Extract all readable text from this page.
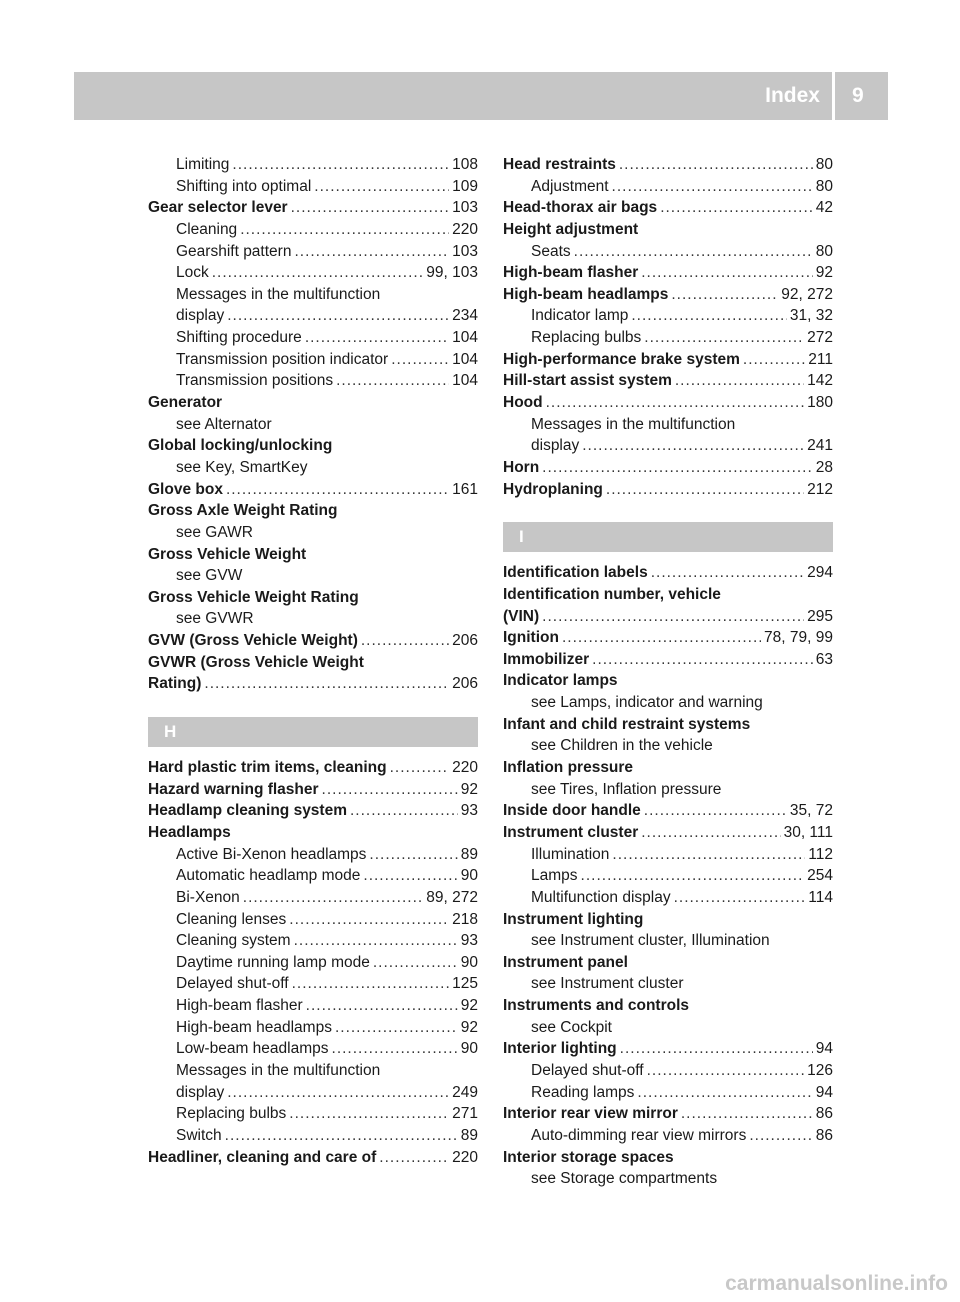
Index 9
Limiting .....	108
Shifting into optimal .....	109
Gear selector lever .....	103
Cleaning .....	220
Gearshift pattern .....	103
Lock .....	99, 103
Messages in the multifunction
display .....	234
Shifting procedure .....	104
Transmission position indicator .....	104
Transmission positions .....	104
Generator
see Alternator
Global locking/unlocking
see Key, SmartKey
Glove box .....	161
Gross Axle Weight Rating
see GAWR
Gross Vehicle Weight
see GVW
Gross Vehicle Weight Rating
see GVWR
GVW (Gross Vehicle Weight) .....	206
GVWR (Gross Vehicle Weight
Rating) .....	206
H
Hard plastic trim items, cleaning .....	220
Hazard warning flasher .....	92
Headlamp cleaning system .....	93
Headlamps
Active Bi-Xenon headlamps .....	89
Automatic headlamp mode .....	90
Bi-Xenon .....	89, 272
Cleaning lenses .....	218
Cleaning system .....	93
Daytime running lamp mode .....	90
Delayed shut-off .....	125
High-beam flasher .....	92
High-beam headlamps .....	92
Low-beam headlamps .....	90
Messages in the multifunction
display .....	249
Replacing bulbs .....	271
Switch .....	89
Headliner, cleaning and care of .....	220
Head restraints .....	80
Adjustment .....	80
Head-thorax air bags .....	42
Height adjustment
Seats .....	80
High-beam flasher .....	92
High-beam headlamps .....	92, 272
Indicator lamp .....	31, 32
Replacing bulbs .....	272
High-performance brake system .....	211
Hill-start assist system .....	142
Hood .....	180
Messages in the multifunction
display .....	241
Horn .....	28
Hydroplaning .....	212
I
Identification labels .....	294
Identification number, vehicle
(VIN) .....	295
Ignition .....	78, 79, 99
Immobilizer .....	63
Indicator lamps
see Lamps, indicator and warning
Infant and child restraint systems
see Children in the vehicle
Inflation pressure
see Tires, Inflation pressure
Inside door handle .....	35, 72
Instrument cluster .....	30, 111
Illumination .....	112
Lamps .....	254
Multifunction display .....	114
Instrument lighting
see Instrument cluster, Illumination
Instrument panel
see Instrument cluster
Instruments and controls
see Cockpit
Interior lighting .....	94
Delayed shut-off .....	126
Reading lamps .....	94
Interior rear view mirror .....	86
Auto-dimming rear view mirrors .....	86
Interior storage spaces
see Storage compartments
carmanualsonline.info
